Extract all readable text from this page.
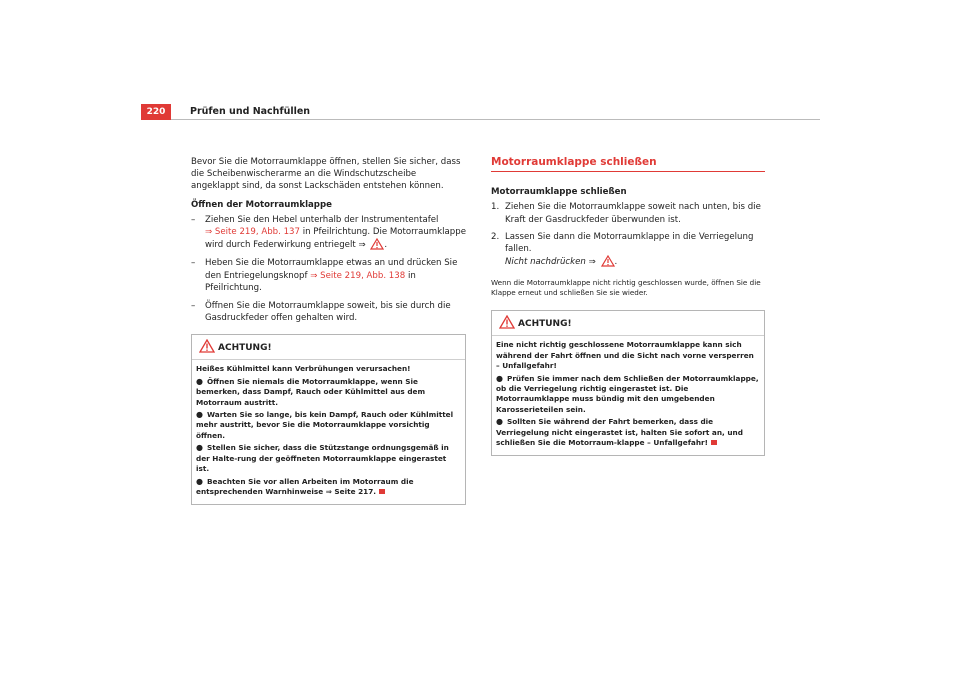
220	Prüfen und Nachfüllen

Bevor Sie die Motorraumklappe öffnen, stellen Sie sicher, dass die Scheibenwischerarme an die Windschutzscheibe angeklappt sind, da sonst Lackschäden entstehen können.

Öffnen der Motorraumklappe
– Ziehen Sie den Hebel unterhalb der Instrumententafel
⇒ Seite 219, Abb. 137 in Pfeilrichtung. Die Motorraumklappe wird durch Federwirkung entriegelt ⇒ .
– Heben Sie die Motorraumklappe etwas an und drücken Sie den Entriegelungsknopf ⇒ Seite 219, Abb. 138 in Pfeilrichtung.
– Öffnen Sie die Motorraumklappe soweit, bis sie durch die Gasdruckfeder offen gehalten wird.
ACHTUNG!
Heißes Kühlmittel kann Verbrühungen verursachen!
● Öffnen Sie niemals die Motorraumklappe, wenn Sie bemerken, dass Dampf, Rauch oder Kühlmittel aus dem Motorraum austritt.
● Warten Sie so lange, bis kein Dampf, Rauch oder Kühlmittel mehr austritt, bevor Sie die Motorraumklappe vorsichtig öffnen.
● Stellen Sie sicher, dass die Stützstange ordnungsgemäß in der Halte-rung der geöffneten Motorraumklappe eingerastet ist.
● Beachten Sie vor allen Arbeiten im Motorraum die entsprechenden Warnhinweise ⇒ Seite 217.
Motorraumklappe schließen
Motorraumklappe schließen
1. Ziehen Sie die Motorraumklappe soweit nach unten, bis die Kraft der Gasdruckfeder überwunden ist.
2. Lassen Sie dann die Motorraumklappe in die Verriegelung fallen.
Nicht nachdrücken ⇒ .

Wenn die Motorraumklappe nicht richtig geschlossen wurde, öffnen Sie die Klappe erneut und schließen Sie sie wieder.

ACHTUNG!
Eine nicht richtig geschlossene Motorraumklappe kann sich während der Fahrt öffnen und die Sicht nach vorne versperren – Unfallgefahr!
● Prüfen Sie immer nach dem Schließen der Motorraumklappe, ob die Verriegelung richtig eingerastet ist. Die Motorraumklappe muss bündig mit den umgebenden Karosserieteilen sein.
● Sollten Sie während der Fahrt bemerken, dass die Verriegelung nicht eingerastet ist, halten Sie sofort an, und schließen Sie die Motorraum-klappe – Unfallgefahr!
